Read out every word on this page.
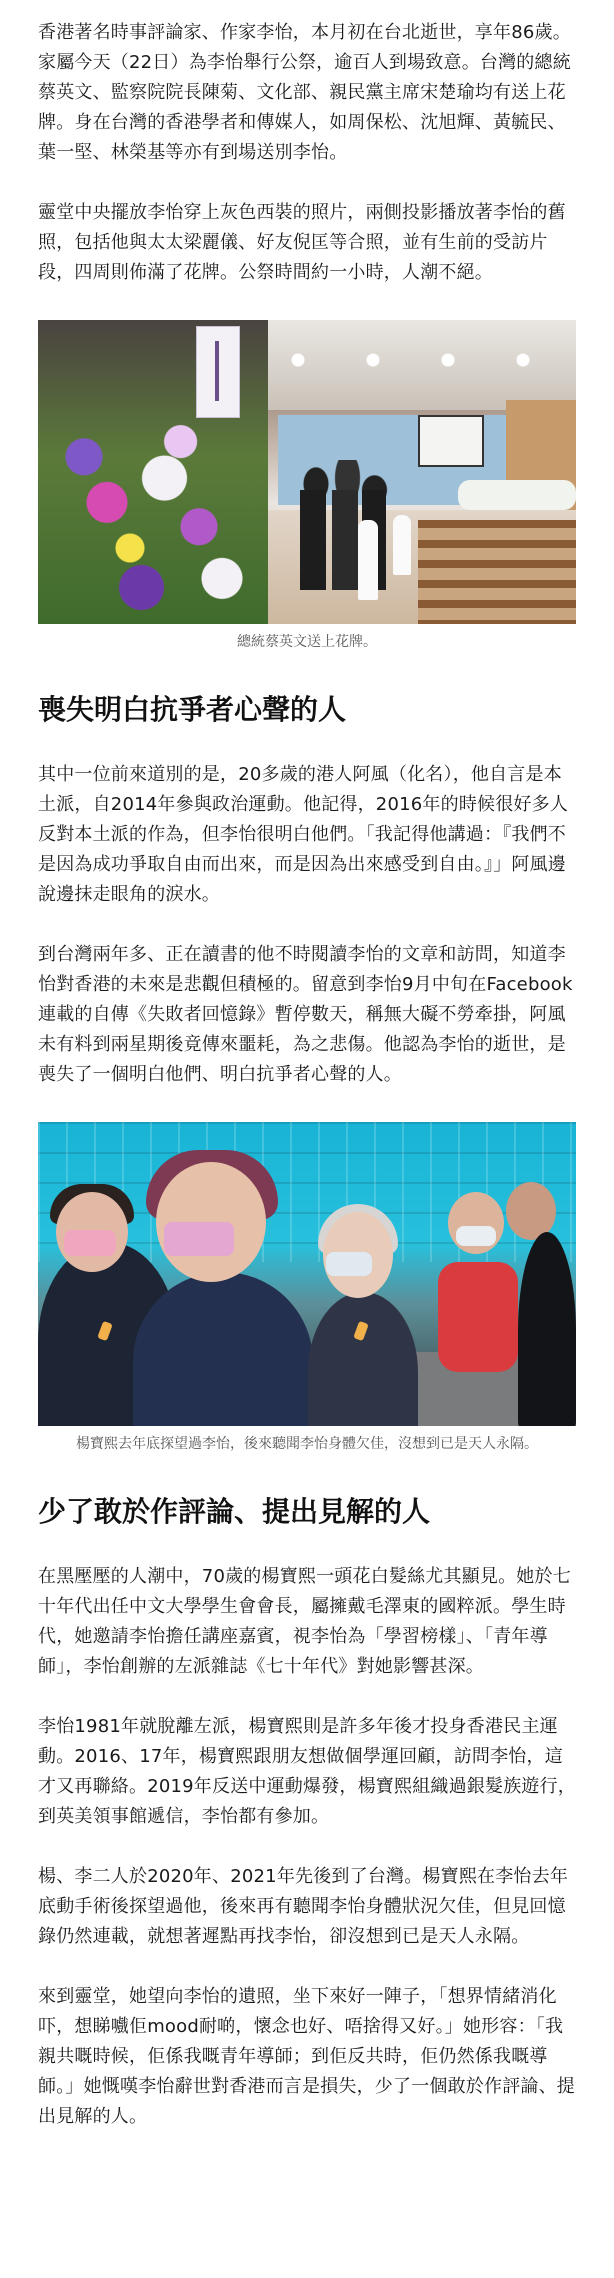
香港著名時事評論家、作家李怡，本月初在台北逝世，享年86歲。家屬今天（22日）為李怡舉行公祭，逾百人到場致意。台灣的總統蔡英文、監察院院長陳菊、文化部、親民黨主席宋楚瑜均有送上花牌。身在台灣的香港學者和傳媒人，如周保松、沈旭輝、黃毓民、葉一堅、林榮基等亦有到場送別李怡。

靈堂中央擺放李怡穿上灰色西裝的照片，兩側投影播放著李怡的舊照，包括他與太太梁麗儀、好友倪匡等合照，並有生前的受訪片段，四周則佈滿了花牌。公祭時間約一小時，人潮不絕。

總統蔡英文送上花牌。
喪失明白抗爭者心聲的人

其中一位前來道別的是，20多歲的港人阿風（化名），他自言是本土派，自2014年參與政治運動。他記得，2016年的時候很好多人反對本土派的作為，但李怡很明白他們。「我記得他講過：『我們不是因為成功爭取自由而出來，而是因為出來感受到自由。』」阿風邊說邊抹走眼角的淚水。

到台灣兩年多、正在讀書的他不時閱讀李怡的文章和訪問，知道李怡對香港的未來是悲觀但積極的。留意到李怡9月中旬在Facebook連載的自傳《失敗者回憶錄》暫停數天，稱無大礙不勞牽掛，阿風未有料到兩星期後竟傳來噩耗，為之悲傷。他認為李怡的逝世，是喪失了一個明白他們、明白抗爭者心聲的人。

楊寶熙去年底探望過李怡，後來聽聞李怡身體欠佳，沒想到已是天人永隔。
少了敢於作評論、提出見解的人

在黑壓壓的人潮中，70歲的楊寶熙一頭花白髮絲尤其顯見。她於七十年代出任中文大學學生會會長，屬擁戴毛澤東的國粹派。學生時代，她邀請李怡擔任講座嘉賓，視李怡為「學習榜樣」、「青年導師」，李怡創辦的左派雜誌《七十年代》對她影響甚深。

李怡1981年就脫離左派，楊寶熙則是許多年後才投身香港民主運動。2016、17年，楊寶熙跟朋友想做個學運回顧，訪問李怡，這才又再聯絡。2019年反送中運動爆發，楊寶熙組織過銀髮族遊行，到英美領事館遞信，李怡都有參加。

楊、李二人於2020年、2021年先後到了台灣。楊寶熙在李怡去年底動手術後探望過他，後來再有聽聞李怡身體狀況欠佳，但見回憶錄仍然連載，就想著遲點再找李怡，卻沒想到已是天人永隔。

來到靈堂，她望向李怡的遺照，坐下來好一陣子，「想界情緒消化吓，想睇嚱佢mood耐啲，懷念也好、唔捨得又好。」她形容：「我親共嘅時候，佢係我嘅青年導師；到佢反共時，佢仍然係我嘅導師。」她慨嘆李怡辭世對香港而言是損失，少了一個敢於作評論、提出見解的人。
